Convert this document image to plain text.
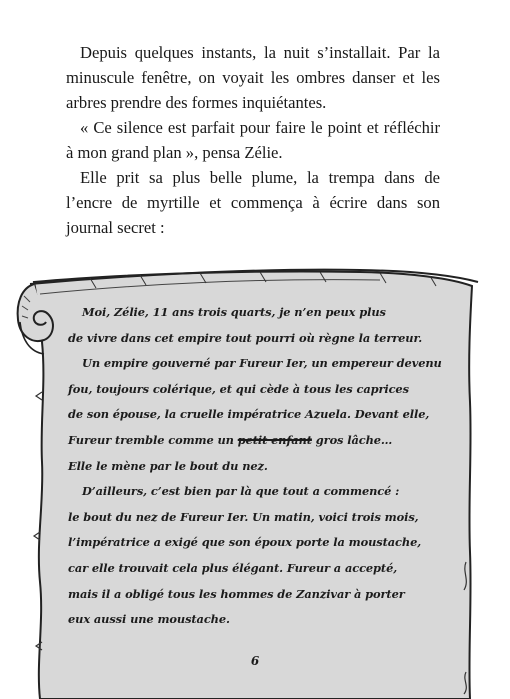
Depuis quelques instants, la nuit s’installait. Par la minuscule fenêtre, on voyait les ombres danser et les arbres prendre des formes inquiétantes.

« Ce silence est parfait pour faire le point et réfléchir à mon grand plan », pensa Zélie.

Elle prit sa plus belle plume, la trempa dans de l’encre de myrtille et commença à écrire dans son journal secret :

Moi, Zélie, 11 ans trois quarts, je n’en peux plus
de vivre dans cet empire tout pourri où règne la terreur.
Un empire gouverné par Fureur Ier, un empereur devenu
fou, toujours colérique, et qui cède à tous les caprices
de son épouse, la cruelle impératrice Azuela. Devant elle,
Fureur tremble comme un petit enfant gros lâche…
Elle le mène par le bout du nez.
D’ailleurs, c’est bien par là que tout a commencé :
le bout du nez de Fureur Ier. Un matin, voici trois mois,
l’impératrice a exigé que son époux porte la moustache,
car elle trouvait cela plus élégant. Fureur a accepté,
mais il a obligé tous les hommes de Zanzivar à porter
eux aussi une moustache.
6
